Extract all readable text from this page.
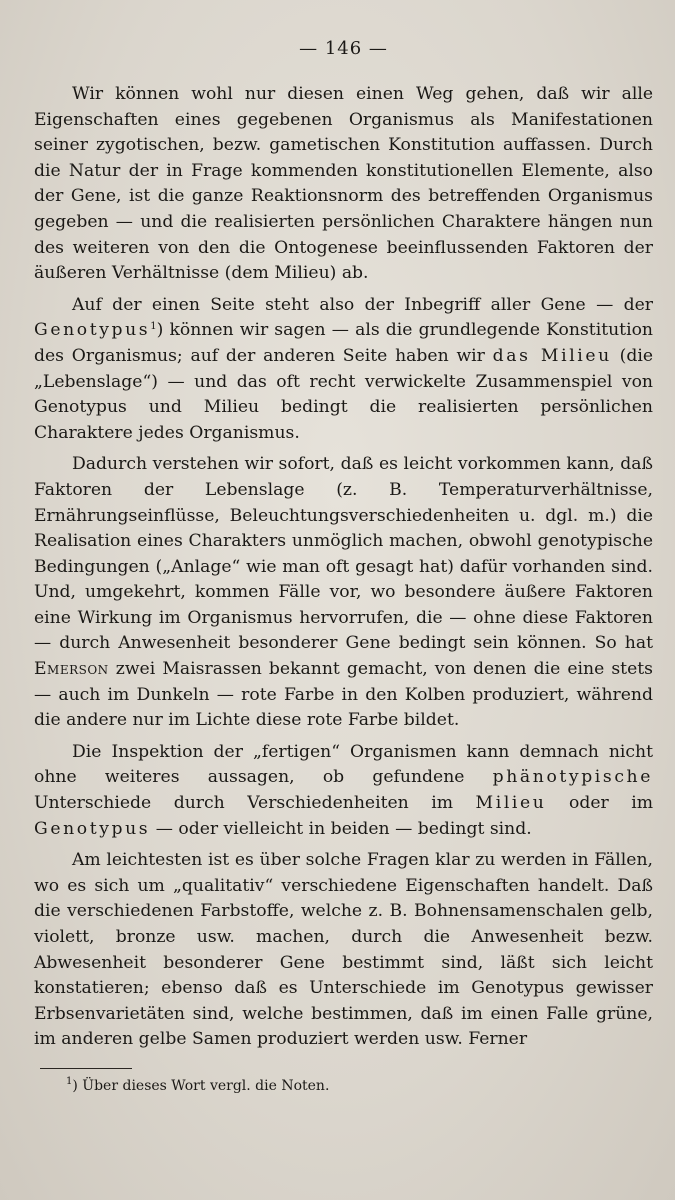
— 146 —

Wir können wohl nur diesen einen Weg gehen, daß wir alle Eigenschaften eines gegebenen Organismus als Manifestationen seiner zygotischen, bezw. gametischen Konstitution auffassen. Durch die Natur der in Frage kommenden konstitutionellen Elemente, also der Gene, ist die ganze Reaktionsnorm des betreffenden Organismus gegeben — und die realisierten persönlichen Charaktere hängen nun des weiteren von den die Ontogenese beeinflussenden Faktoren der äußeren Verhältnisse (dem Milieu) ab.

Auf der einen Seite steht also der Inbegriff aller Gene — der Genotypus$^1$) können wir sagen — als die grundlegende Konstitution des Organismus; auf der anderen Seite haben wir das Milieu (die „Lebenslage“) — und das oft recht verwickelte Zusammenspiel von Genotypus und Milieu bedingt die realisierten persönlichen Charaktere jedes Organismus.

Dadurch verstehen wir sofort, daß es leicht vorkommen kann, daß Faktoren der Lebenslage (z. B. Temperaturverhältnisse, Ernährungseinflüsse, Beleuchtungsverschiedenheiten u. dgl. m.) die Realisation eines Charakters unmöglich machen, obwohl genotypische Bedingungen („Anlage“ wie man oft gesagt hat) dafür vorhanden sind. Und, umgekehrt, kommen Fälle vor, wo besondere äußere Faktoren eine Wirkung im Organismus hervorrufen, die — ohne diese Faktoren — durch Anwesenheit besonderer Gene bedingt sein können. So hat Emerson zwei Maisrassen bekannt gemacht, von denen die eine stets — auch im Dunkeln — rote Farbe in den Kolben produziert, während die andere nur im Lichte diese rote Farbe bildet.

Die Inspektion der „fertigen“ Organismen kann demnach nicht ohne weiteres aussagen, ob gefundene phänotypische Unterschiede durch Verschiedenheiten im Milieu oder im Genotypus — oder vielleicht in beiden — bedingt sind.

Am leichtesten ist es über solche Fragen klar zu werden in Fällen, wo es sich um „qualitativ“ verschiedene Eigenschaften handelt. Daß die verschiedenen Farbstoffe, welche z. B. Bohnensamenschalen gelb, violett, bronze usw. machen, durch die Anwesenheit bezw. Abwesenheit besonderer Gene bestimmt sind, läßt sich leicht konstatieren; ebenso daß es Unterschiede im Genotypus gewisser Erbsenvarietäten sind, welche bestimmen, daß im einen Falle grüne, im anderen gelbe Samen produziert werden usw. Ferner

$^1$) Über dieses Wort vergl. die Noten.
